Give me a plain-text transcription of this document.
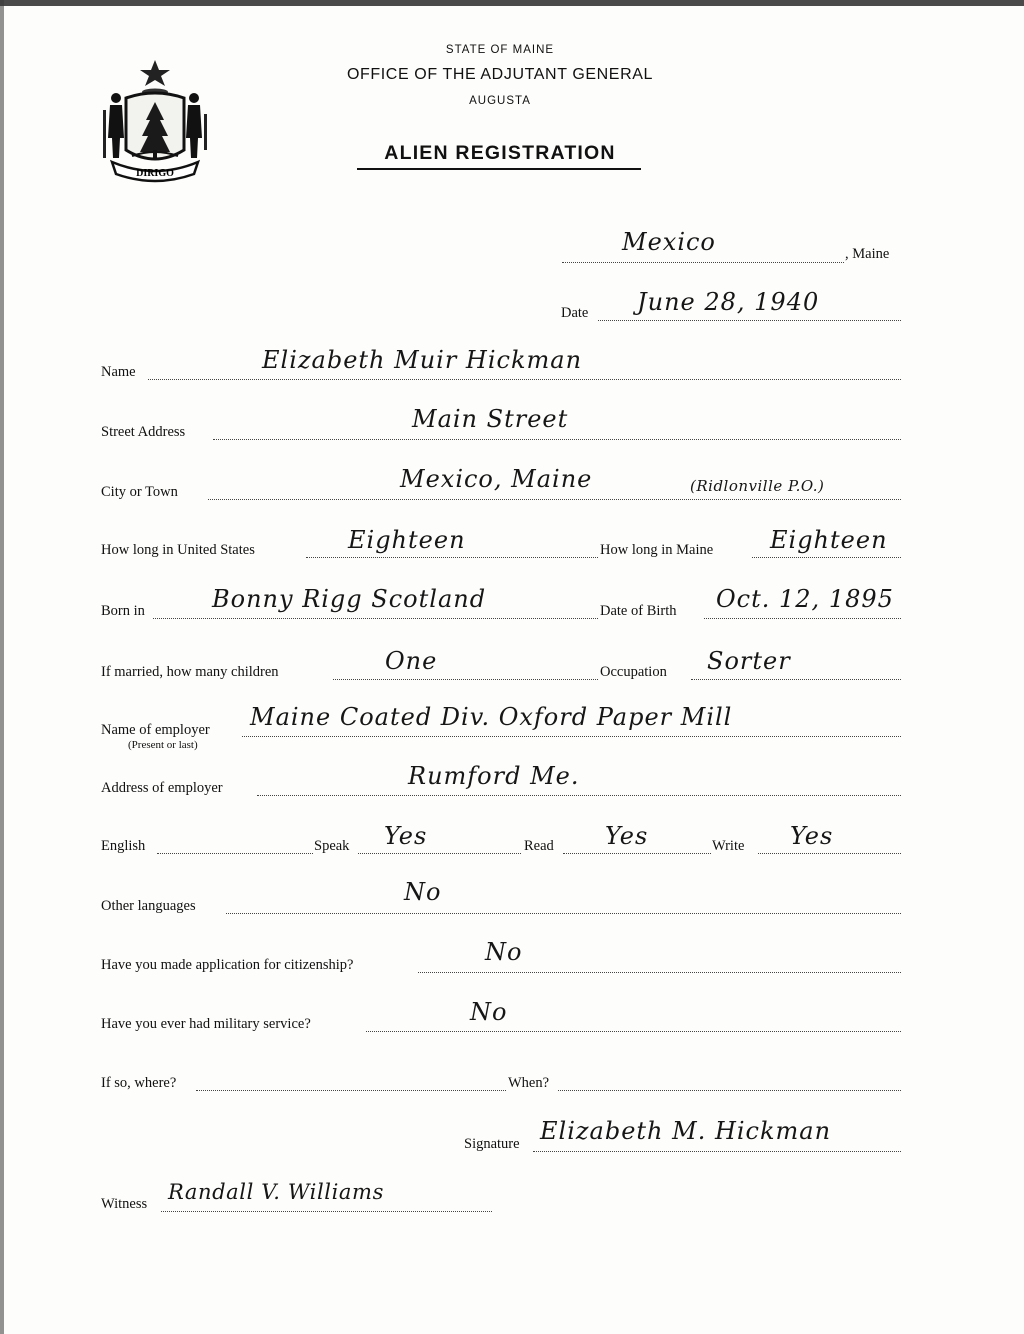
DIRIGO
STATE OF MAINE
OFFICE OF THE ADJUTANT GENERAL
AUGUSTA
ALIEN REGISTRATION
, Maine
Mexico
Date June 28, 1940
Name	Elizabeth Muir Hickman
Street Address	Main Street
City or Town	Mexico, Maine	(Ridlonville P.O.)
How long in United States	Eighteen	How long in Maine Eighteen
Born in	Bonny Rigg Scotland	Date of Birth Oct. 12, 1895
If married, how many children	One	Occupation Sorter
Name of employer
(Present or last)
Maine Coated Div. Oxford Paper Mill
Address of employer	Rumford Me.
English	Speak Yes	Read Yes	Write Yes
Other languages	No
Have you made application for citizenship?	No
Have you ever had military service?	No
If so, where?	When?
Signature Elizabeth M. Hickman
Witness Randall V. Williams
